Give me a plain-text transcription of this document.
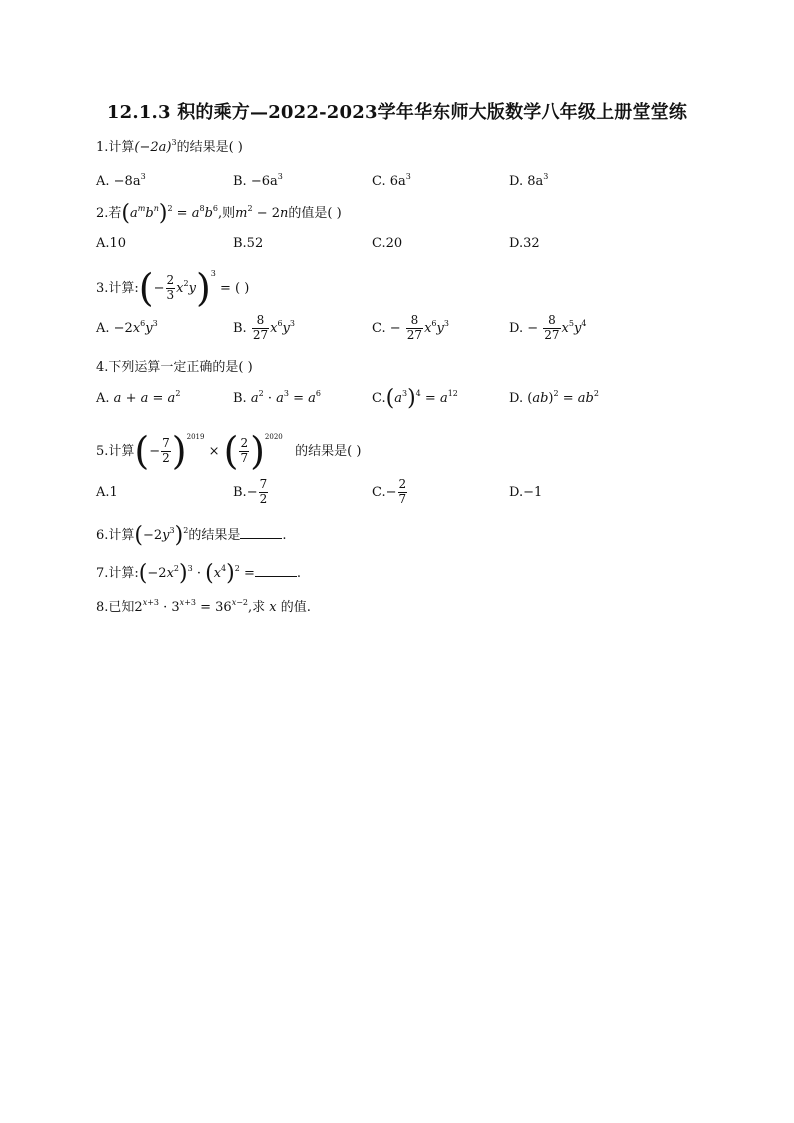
12.1.3 积的乘方—2022-2023学年华东师大版数学八年级上册堂堂练
1.计算$(-2a)^3$的结果是( )
A. $-8a^3$	B. $-6a^3$	C. $6a^3$	D. $8a^3$
2.若$(a^mb^n)^2 = a^8b^6$,则$m^2 - 2n$的值是( )
A.10	B.52	C.20	D.32
3.计算:(− $\frac{2}{3} x^2y)^3$ = ( )
A. $-2x^6y^3$	B. $\frac{8}{27} x^6y^3$	C. − $\frac{8}{27} x^6y^3$	D. − $\frac{8}{27} x^5y^4$
4.下列运算一定正确的是( )
A. $a + a = a^2$	B. $a^2 \cdot a^3 = a^6$	$C.(a^3)^4 = a^{12}$	D. $(ab)^2 = ab^2$
5.计算(− $\frac{7}{2} )^{2019}$ × ( $\frac{2}{7} )^{2020}$   的结果是( )
A.1	$B.- \frac{7}{2}$	$C.- \frac{2}{7}$	D.−1
6.计算$(-2y^3)^2$的结果是	.
7.计算$:(-2x^2)^3 \cdot (x^4)^2$ =	.
8.已知$2^{x+3} \cdot 3^{x+3} = 36^{x-2}$,求 x 的值.
